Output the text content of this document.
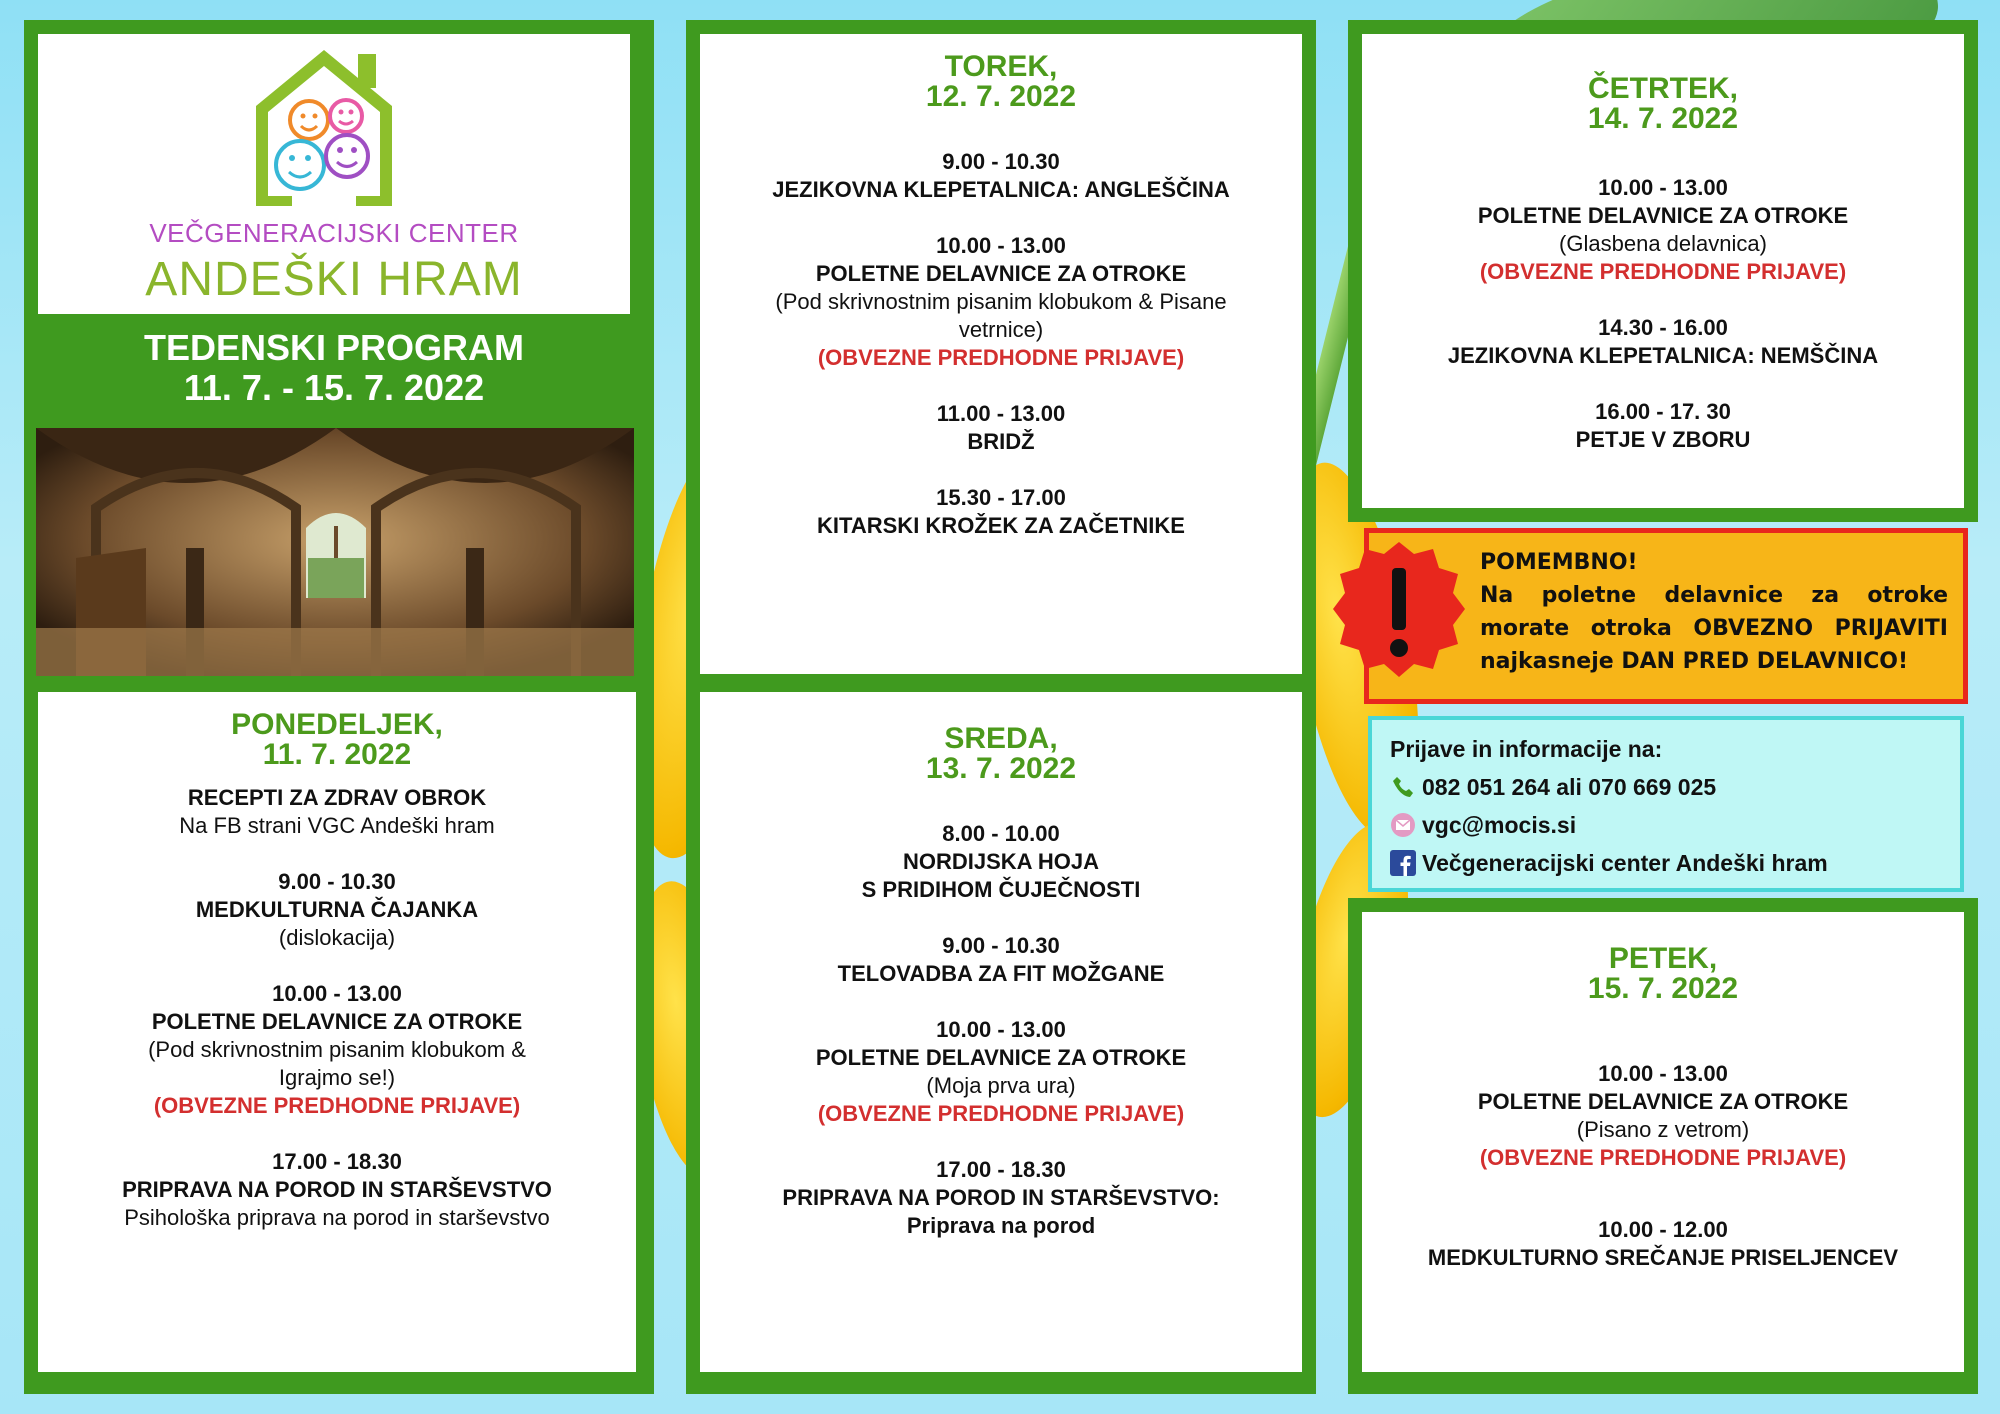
VEČGENERACIJSKI CENTER
ANDEŠKI HRAM
TEDENSKI PROGRAM
11. 7. - 15. 7. 2022
PONEDELJEK,
11. 7. 2022
RECEPTI ZA ZDRAV OBROK
Na FB strani VGC Andeški hram
9.00 - 10.30
MEDKULTURNA ČAJANKA
(dislokacija)
10.00 - 13.00
POLETNE DELAVNICE ZA OTROKE
(Pod skrivnostnim pisanim klobukom &
Igrajmo se!)
(OBVEZNE PREDHODNE PRIJAVE)
17.00 - 18.30
PRIPRAVA NA POROD IN STARŠEVSTVO
Psihološka priprava na porod in starševstvo
TOREK,
12. 7. 2022
9.00 - 10.30
JEZIKOVNA KLEPETALNICA: ANGLEŠČINA
10.00 - 13.00
POLETNE DELAVNICE ZA OTROKE
(Pod skrivnostnim pisanim klobukom & Pisane
vetrnice)
(OBVEZNE PREDHODNE PRIJAVE)
11.00 - 13.00
BRIDŽ
15.30 - 17.00
KITARSKI KROŽEK ZA ZAČETNIKE
SREDA,
13. 7. 2022
8.00 - 10.00
NORDIJSKA HOJA
S PRIDIHOM ČUJEČNOSTI
9.00 - 10.30
TELOVADBA ZA FIT MOŽGANE
10.00 - 13.00
POLETNE DELAVNICE ZA OTROKE
(Moja prva ura)
(OBVEZNE PREDHODNE PRIJAVE)
17.00 - 18.30
PRIPRAVA NA POROD IN STARŠEVSTVO:
Priprava na porod
ČETRTEK,
14. 7. 2022
10.00 - 13.00
POLETNE DELAVNICE ZA OTROKE
(Glasbena delavnica)
(OBVEZNE PREDHODNE PRIJAVE)
14.30 - 16.00
JEZIKOVNA KLEPETALNICA: NEMŠČINA
16.00 - 17. 30
PETJE V ZBORU
POMEMBNO!
Na poletne delavnice za otroke
morate otroka OBVEZNO PRIJAVITI
najkasneje DAN PRED DELAVNICO!
Prijave in informacije na:
082 051 264 ali 070 669 025
vgc@mocis.si
Večgeneracijski center Andeški hram
PETEK,
15. 7. 2022
10.00 - 13.00
POLETNE DELAVNICE ZA OTROKE
(Pisano z vetrom)
(OBVEZNE PREDHODNE PRIJAVE)
10.00 - 12.00
MEDKULTURNO SREČANJE PRISELJENCEV
